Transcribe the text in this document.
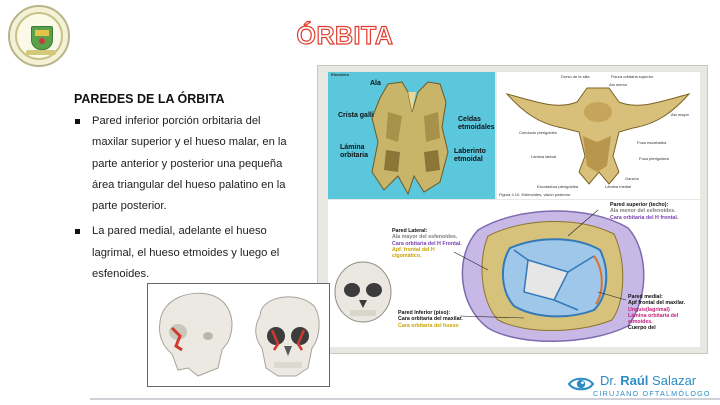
ÓRBITA
PAREDES DE LA ÓRBITA
Pared inferior porción orbitaria del maxilar superior y el hueso malar, en la parte anterior y posterior una pequeña área triangular del hueso palatino en la parte posterior.
La pared medial, adelante el hueso lagrimal, el hueso etmoides y luego el esfenoides.
Etmoides
Ala
Crista galli
Celdas etmoidales
Lámina orbitaria
Laberinto etmoidal
Dorso de la silla	Fisura orbitaria superior
Ala menor
Ala mayor
Conducto pterigoideo
Lámina lateral
Fosa escafoidea
Fosa pterigoidea
Gancho
Escotadura pterigoidea	Lámina medial
Figura 4.10. Esfenoides, visión posterior.
Pared Lateral:
Ala mayor del esfenoides.
Cara orbitaria del H Frontal.
Apf. frontal del H cigomático.
Pared superior (techo):
Ala menor del esfenoides.
Cara orbitaria del H frontal.
Pared Inferior (piso):
Cara orbitaria del maxilar.
Cara orbitaria del hueso
Pared medial:
Apf frontal del maxilar.
Unguis(lagrimal)
Lámina orbitaria del etmoides.
Cuerpo del
Dr. Raúl Salazar
CIRUJANO OFTALMÓLOGO
